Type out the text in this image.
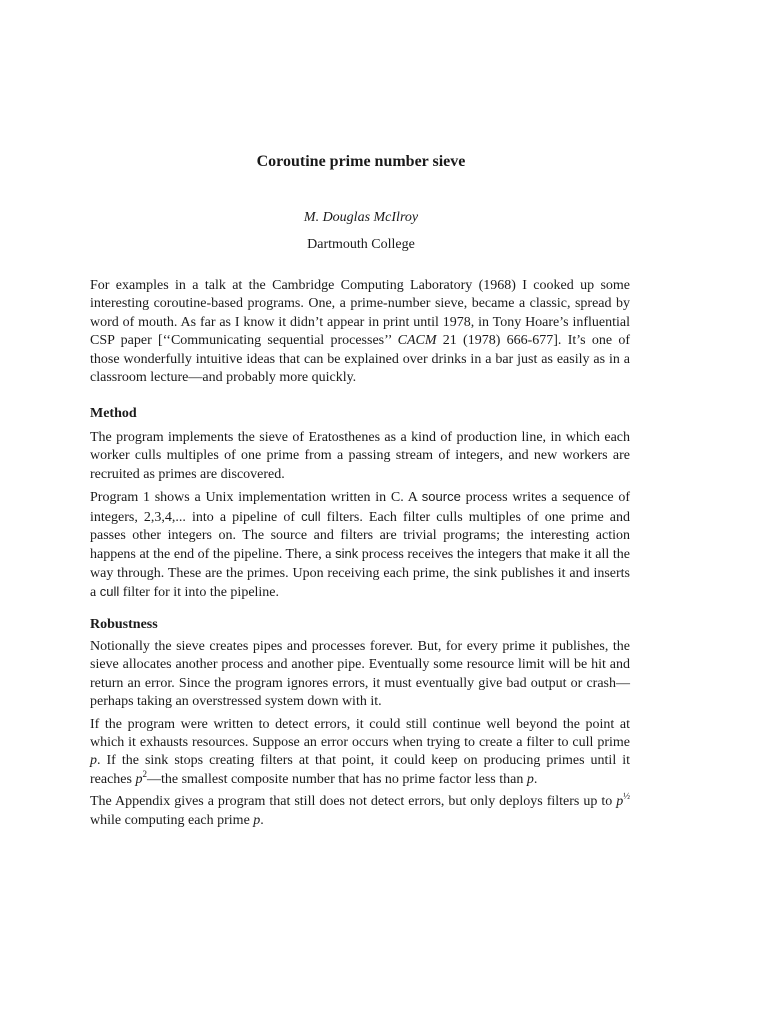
Coroutine prime number sieve
M. Douglas McIlroy
Dartmouth College

For examples in a talk at the Cambridge Computing Laboratory (1968) I cooked up some interesting coroutine-based programs. One, a prime-number sieve, became a classic, spread by word of mouth. As far as I know it didn’t appear in print until 1978, in Tony Hoare’s influential CSP paper [‘‘Communicating sequential processes’’ CACM 21 (1978) 666-677]. It’s one of those wonderfully intuitive ideas that can be explained over drinks in a bar just as easily as in a classroom lecture—and probably more quickly.

Method

The program implements the sieve of Eratosthenes as a kind of production line, in which each worker culls multiples of one prime from a passing stream of integers, and new workers are recruited as primes are discovered.

Program 1 shows a Unix implementation written in C. A source process writes a sequence of integers, 2,3,4,... into a pipeline of cull filters. Each filter culls multiples of one prime and passes other integers on. The source and filters are trivial programs; the interesting action happens at the end of the pipeline. There, a sink process receives the integers that make it all the way through. These are the primes. Upon receiving each prime, the sink publishes it and inserts a cull filter for it into the pipeline.

Robustness

Notionally the sieve creates pipes and processes forever. But, for every prime it publishes, the sieve allocates another process and another pipe. Eventually some resource limit will be hit and return an error. Since the program ignores errors, it must eventually give bad output or crash—perhaps taking an overstressed system down with it.

If the program were written to detect errors, it could still continue well beyond the point at which it exhausts resources. Suppose an error occurs when trying to create a filter to cull prime p. If the sink stops creating filters at that point, it could keep on producing primes until it reaches $p^2—the$ smallest composite number that has no prime factor less than p.

The Appendix gives a program that still does not detect errors, but only deploys filters up to $p^{\frac{1}{2}}$ while computing each prime p.
